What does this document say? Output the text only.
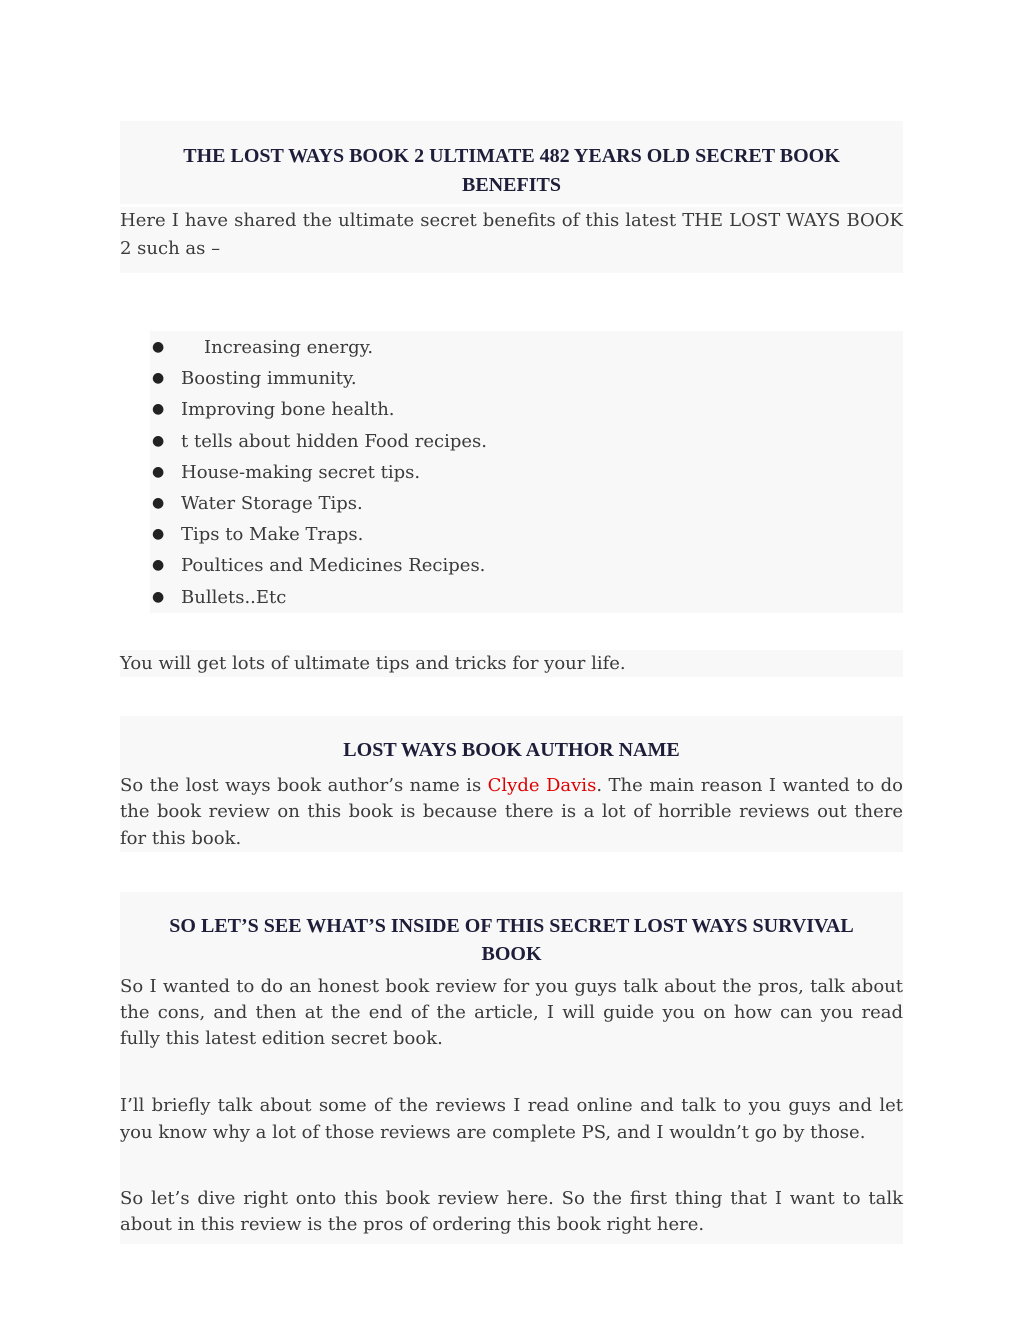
THE LOST WAYS BOOK 2 ULTIMATE 482 YEARS OLD SECRET BOOK BENEFITS
Here I have shared the ultimate secret benefits of this latest THE LOST WAYS BOOK 2 such as –
● Increasing energy.
● Boosting immunity.
● Improving bone health.
● t tells about hidden Food recipes.
● House-making secret tips.
● Water Storage Tips.
● Tips to Make Traps.
● Poultices and Medicines Recipes.
● Bullets..Etc
You will get lots of ultimate tips and tricks for your life.
LOST WAYS BOOK AUTHOR NAME
So the lost ways book author’s name is Clyde Davis. The main reason I wanted to do the book review on this book is because there is a lot of horrible reviews out there for this book.
SO LET’S SEE WHAT’S INSIDE OF THIS SECRET LOST WAYS SURVIVAL BOOK
So I wanted to do an honest book review for you guys talk about the pros, talk about the cons, and then at the end of the article, I will guide you on how can you read fully this latest edition secret book.
I’ll briefly talk about some of the reviews I read online and talk to you guys and let you know why a lot of those reviews are complete PS, and I wouldn’t go by those.
So let’s dive right onto this book review here. So the first thing that I want to talk about in this review is the pros of ordering this book right here.
